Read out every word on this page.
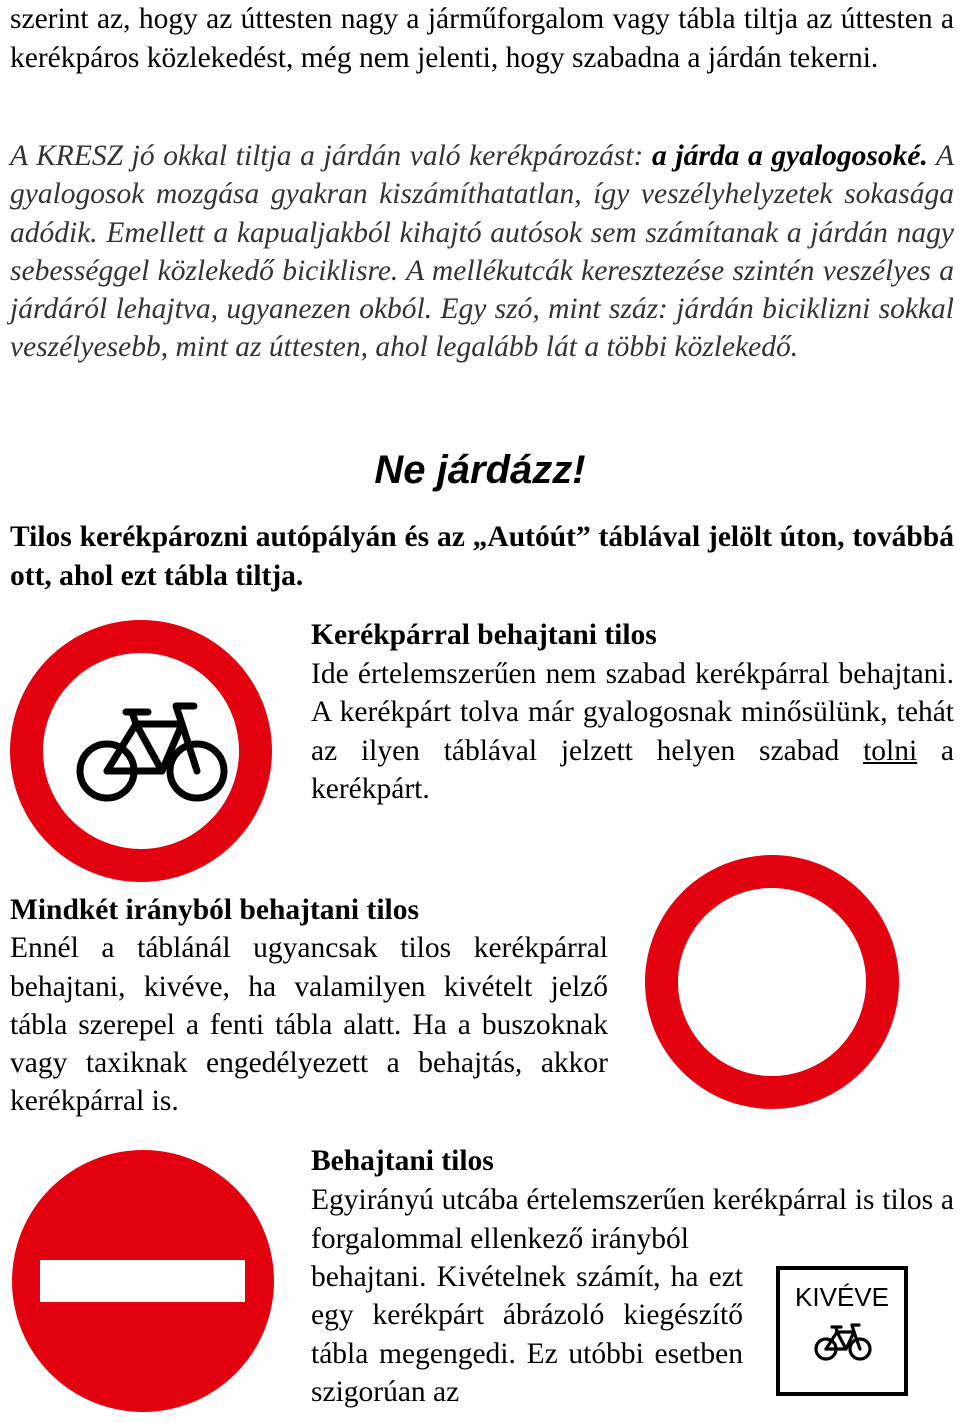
szerint az, hogy az úttesten nagy a járműforgalom vagy tábla tiltja az úttesten a kerékpáros közlekedést, még nem jelenti, hogy szabadna a járdán tekerni.
A KRESZ jó okkal tiltja a járdán való kerékpározást: a járda a gyalogosoké. A gyalogosok mozgása gyakran kiszámíthatatlan, így veszélyhelyzetek sokasága adódik. Emellett a kapualjakból kihajtó autósok sem számítanak a járdán nagy sebességgel közlekedő biciklisre. A mellékutcák keresztezése szintén veszélyes a járdáról lehajtva, ugyanezen okból. Egy szó, mint száz: járdán biciklizni sokkal veszélyesebb, mint az úttesten, ahol legalább lát a többi közlekedő.
Ne járdázz!
Tilos kerékpározni autópályán és az „Autóút” táblával jelölt úton, továbbá ott, ahol ezt tábla tiltja.
Kerékpárral behajtani tilos
Ide értelemszerűen nem szabad kerékpárral behajtani. A kerékpárt tolva már gyalogosnak minősülünk, tehát az ilyen táblával jelzett helyen szabad tolni a kerékpárt.
Mindkét irányból behajtani tilos
Ennél a táblánál ugyancsak tilos kerékpárral behajtani, kivéve, ha valamilyen kivételt jelző tábla szerepel a fenti tábla alatt. Ha a buszoknak vagy taxiknak engedélyezett a behajtás, akkor kerékpárral is.
Behajtani tilos
Egyirányú utcába értelemszerűen kerékpárral is tilos a forgalommal ellenkező irányból
behajtani. Kivételnek számít, ha ezt egy kerékpárt ábrázoló kiegészítő tábla megengedi. Ez utóbbi esetben szigorúan az
KIVÉVE
